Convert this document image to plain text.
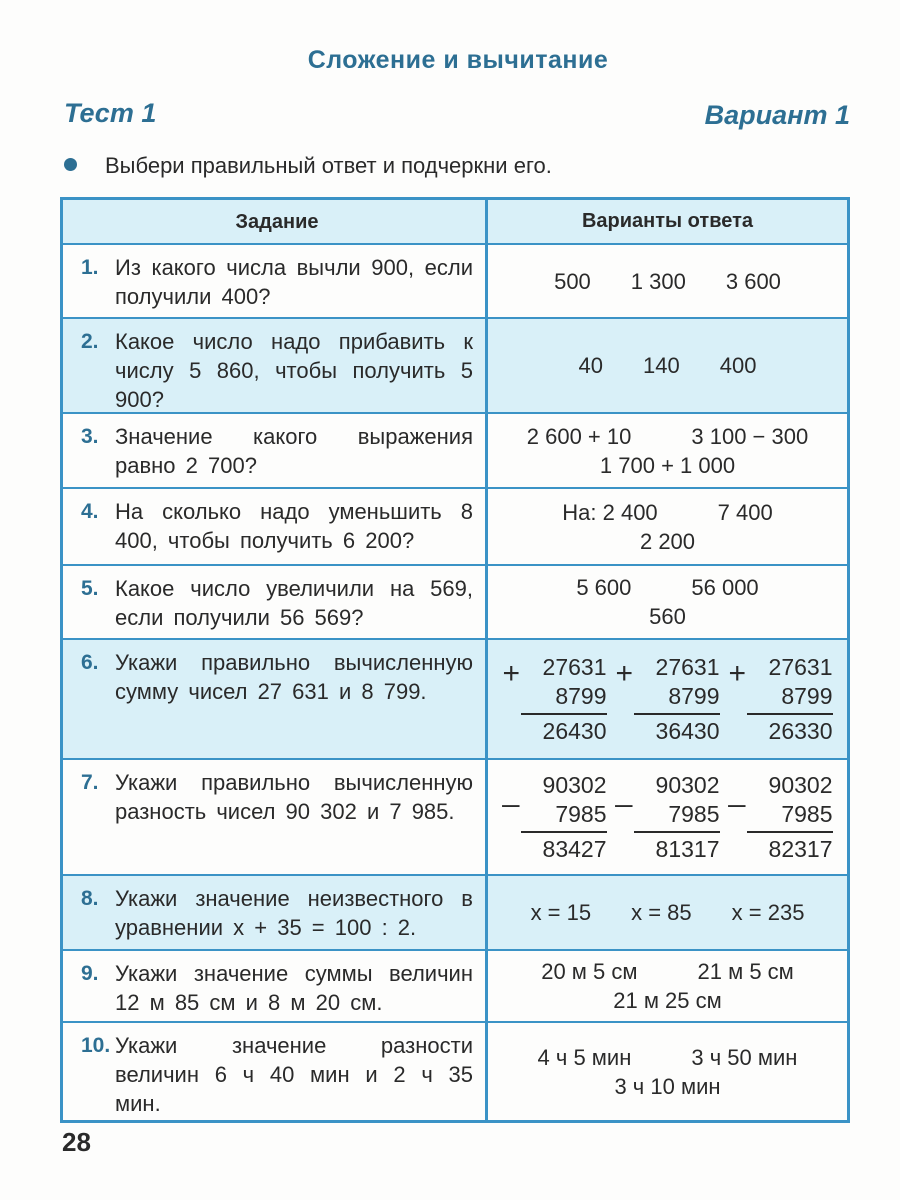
Сложение и вычитание
Тест 1	Вариант 1
Выбери правильный ответ и подчеркни его.
Задание	Варианты ответа
1. Из какого числа вычли 900, если получили 400?
500 1 300 3 600
2. Какое число надо прибавить к числу 5 860, чтобы получить 5 900?
40 140 400
3. Значение какого выражения равно 2 700?
2 600 + 10	3 100 − 300
1 700 + 1 000
4. На сколько надо уменьшить 8 400, чтобы получить 6 200?
На: 2 400	7 400
2 200
5. Какое число увеличили на 569, если получили 56 569?
5 600	56 000
560
6. Укажи правильно вычисленную сумму чисел 27 631 и 8 799.
+ 27631
8799
26430
+ 27631
8799
36430
+ 27631
8799
26330
7. Укажи правильно вычисленную разность чисел 90 302 и 7 985.
_	90302
7985
83427
_	90302
7985
81317
_	90302
7985
82317
8. Укажи значение неизвестного в уравнении x + 35 = 100 : 2.
x = 15 x = 85 x = 235
9. Укажи значение суммы величин 12 м 85 см и 8 м 20 см.
20 м 5 см	21 м 5 см
21 м 25 см
10. Укажи значение разности величин 6 ч 40 мин и 2 ч 35 мин.
4 ч 5 мин	3 ч 50 мин
3 ч 10 мин
28
